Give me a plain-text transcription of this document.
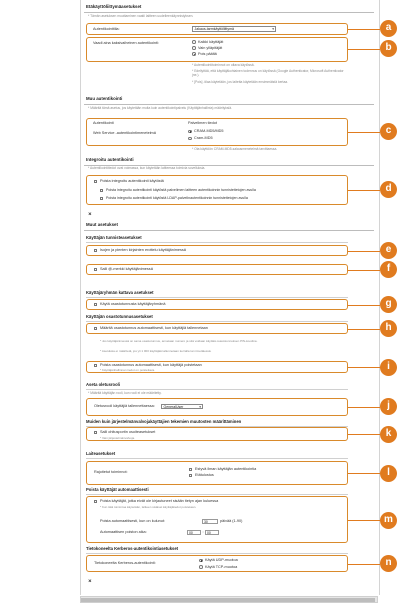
Etäkäyttöliittymäasetukset
* Tämän asetuksen muuttaminen vaatii laitteen uudelleenkäynnistyksen.
Autentikointitila:	Jakaus-tarmkäyttöliittymä ▾
Vaadi aina kaksivaiheinen autentikointi:	Kaikki käyttäjät
Vain ylläpitäjät
Pois päältä
* Autentikointitoiminnot on oltava käytössä.
* Edellyttää, että käyttäjäkohtainen todennus on käytössä (Google Authenticator, Microsoft Authenticator jne.).
* [Pois] -tilaa käytetään, jos laitetta käytetään ensimmäistä kertaa.
Muu autentikointi
* Määritä tämä asetus, jos käytetään muita kuin autentikointipalvelu (Käyttäjänhallinta) määrityksiä.
Autentikointi	Palvelimen tiedot
Web Service -autentikointimenetelmä	CRAM-MD5/MD5
Cram-MD5
* Ota käyttöön CRAM-MD5-salausmenetelmä tarvittaessa.
Integroitu autentikointi
* Autentikointitiedot ovat voimassa, kun käytetään laitteessa toimivia sovelluksia.
Poista integroitu autentikointi käytöstä
Poista integroitu autentikointi käytöstä palvelimen laitteen autentikoinnin tunnistetietojen avulla
Poista integroitu autentikointi käytöstä LDAP-palvelinautentikoinnin tunnistetietojen avulla
⨯
Muut asetukset
Käyttäjän tunnisteasetukset
Isojen ja pienten kirjainten erottelu käyttäjänimessä
Salli @-merkki käyttäjänimessä
Käyttäjäryhmän kattava asetukset
Käytä osastotunnusta käyttäjäryhmänä
Käyttäjän osastotunnusasetukset
Määritä osastotunnus automaattisesti, kun käyttäjiä tallennetaan
* Jos käyttäjänimessä on sama osastotunnus, annetaan numero ja sitä voidaan käyttää osastotunnuksen PIN-koodina.
* Asetuksia ei määritetä, jos yli 1 000 käyttäjää tallennetaan kerralla tai nimettäessä.
Poista osastotunnus automaattisesti, kun käyttäjä poistetaan
* Käyttäjänhallinnan tiedot on poistettava.
Aseta oletusrooli
* Määritä käyttäjän rooli, kun rooli ei ole määritetty.
Oletusrooli käyttäjiä tallennettaessa:	GeneralUser ▾
Muiden kuin järjestelmänvalvojakäyttäjien tekemien muutosten määrittäminen
Salli ohitusportin osoiteasetukset
* Vain järjestelmänvalvoja.
Laiteasetukset
Rajoitetut toiminnot:
Estyvä ilman käyttäjän autentikointia
Etätulostus
Poista käyttäjät automaattisesti
Poista käyttäjät, jotka eivät ole kirjautuneet sisään tietyn ajan kuluessa
* Kun tätä toimintoa käytetään, laitteen sisäiset käyttäjätiedot poistetaan.
Poista automaattisesti, kun on kulunut:	30	päivää (1-90)
Automaattisen poiston aika:	00	:	00
Tietokoneelta Kerberos-autentikointiasetukset
Tietokoneelta Kerberos-autentikointi:
Käytä UDP-muotoa
Käytä TCP-muotoa
⨯
a
b
c
d
e
f
g
h
i
j
k
l
m
n
